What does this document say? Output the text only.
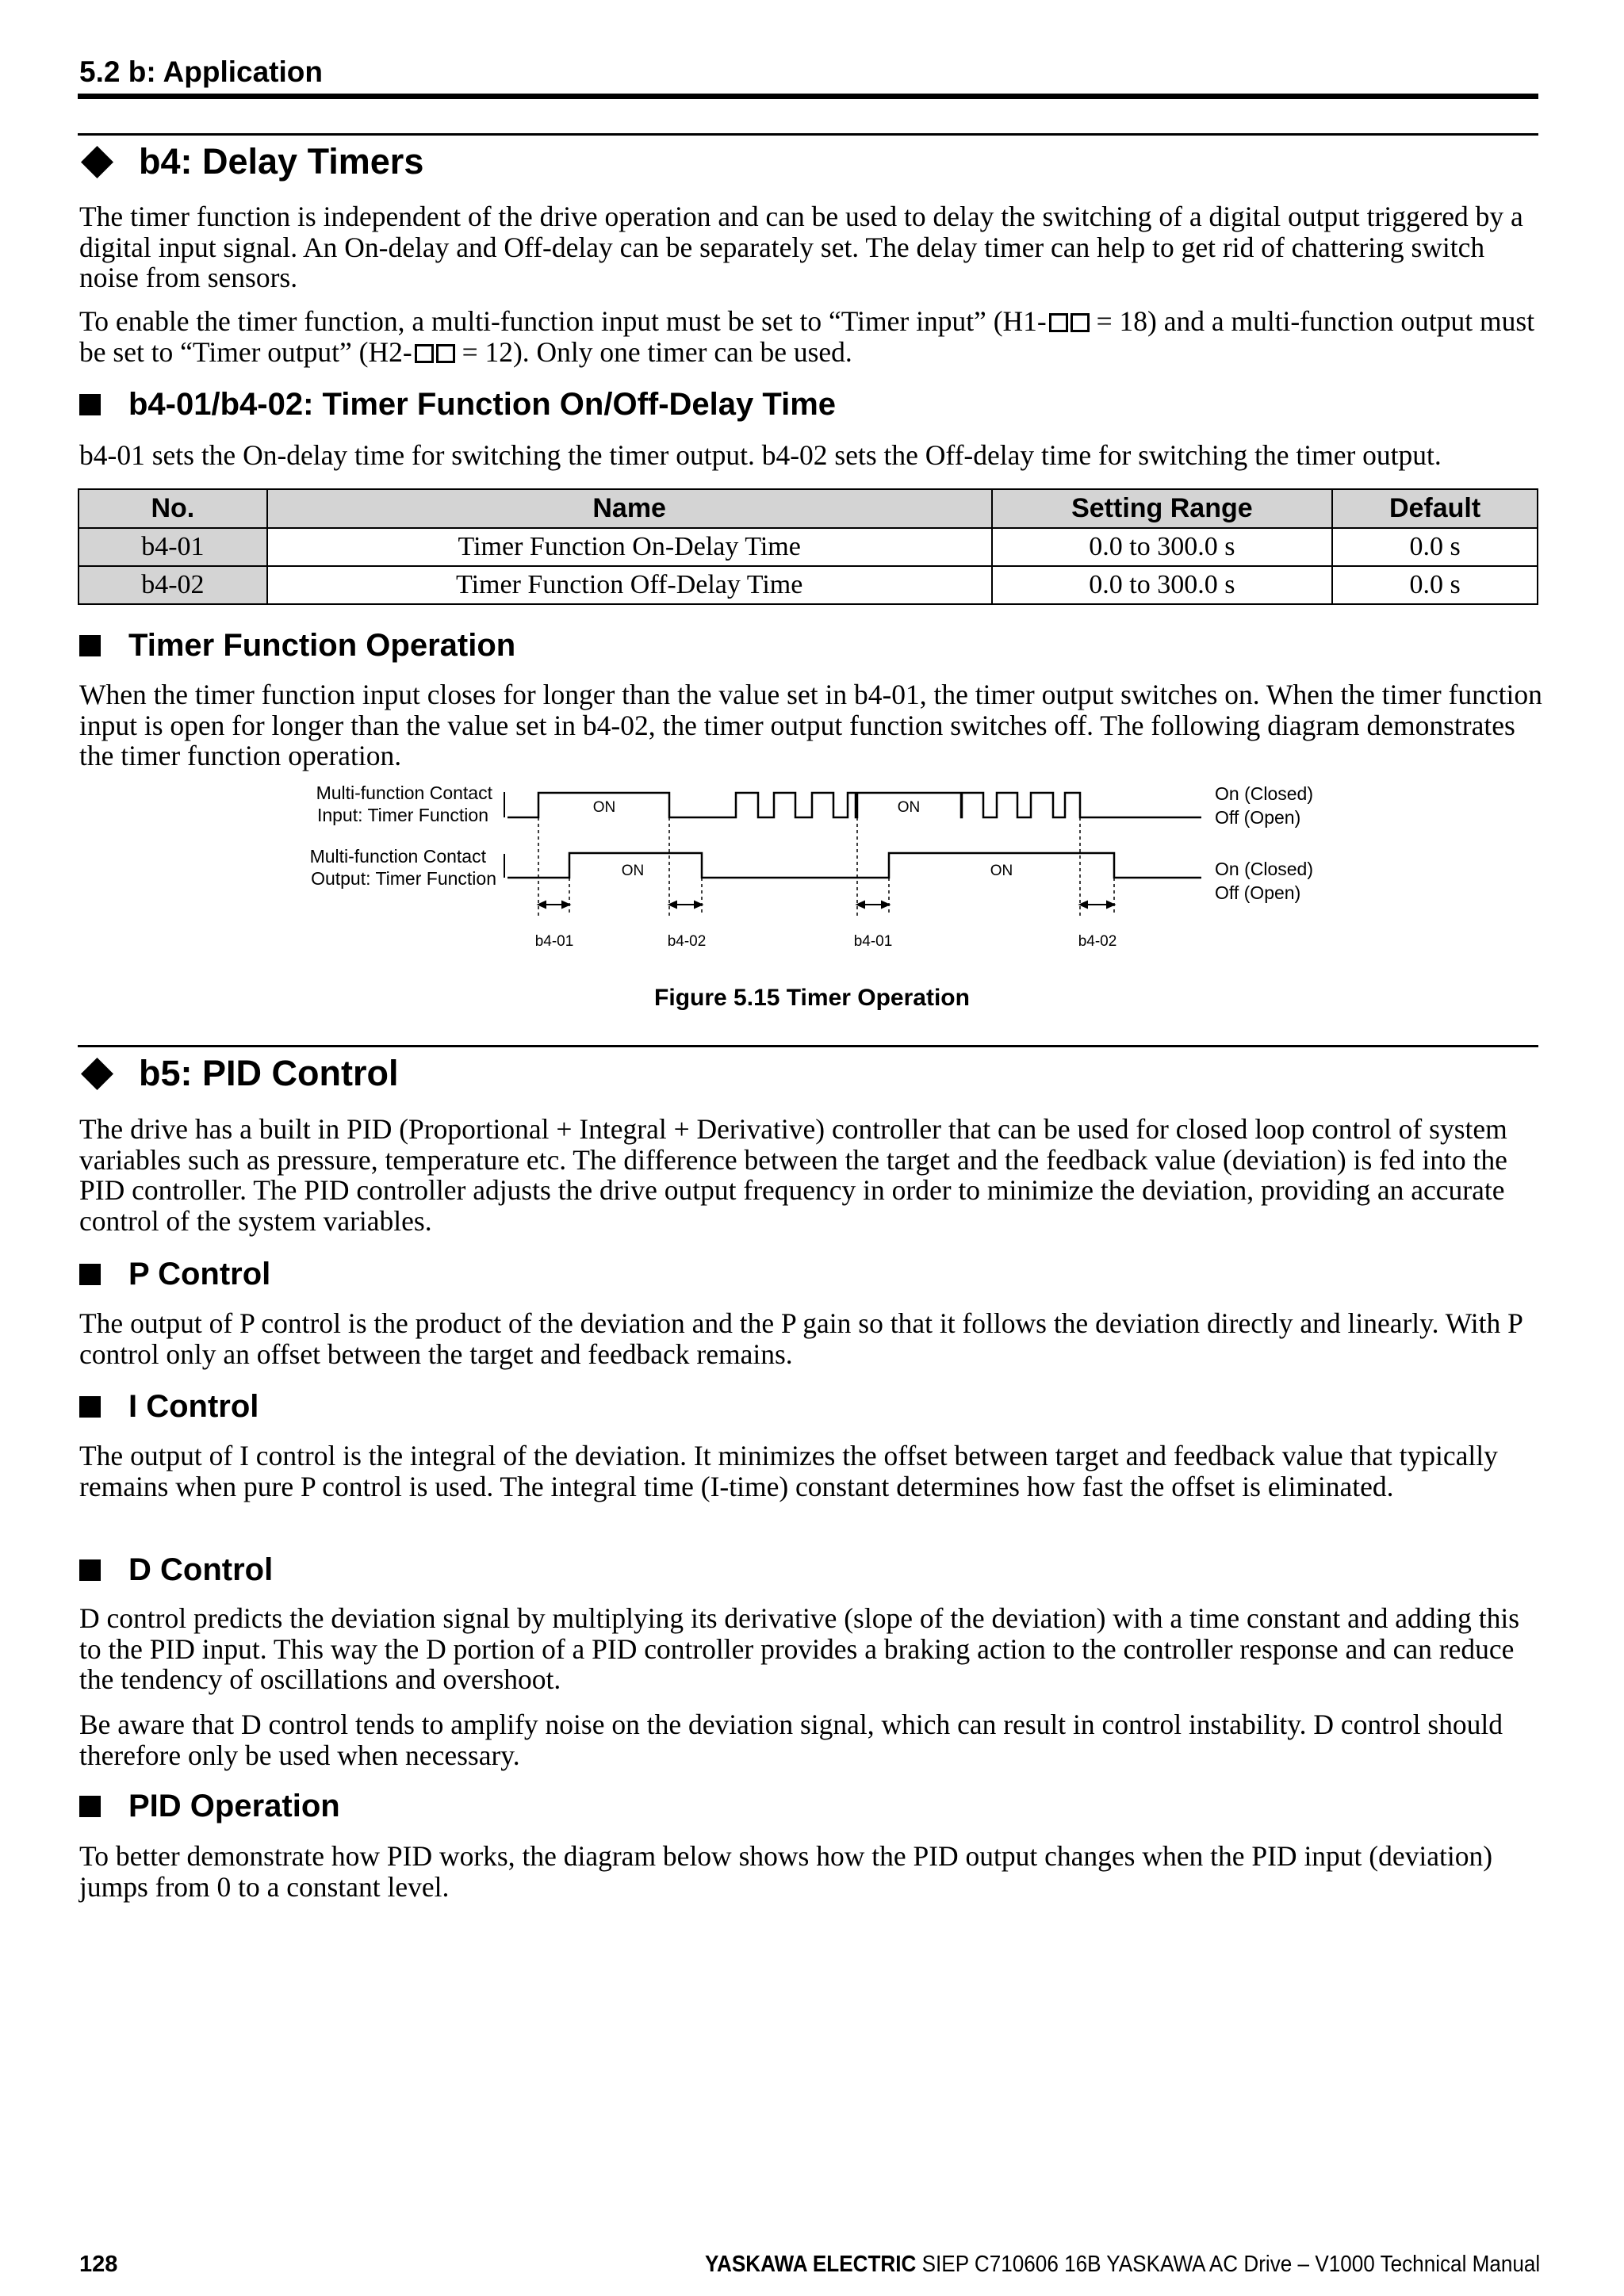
5.2 b: Application
b4: Delay Timers
The timer function is independent of the drive operation and can be used to delay the switching of a digital output triggered by a digital input signal. An On-delay and Off-delay can be separately set. The delay timer can help to get rid of chattering switch noise from sensors.
To enable the timer function, a multi-function input must be set to “Timer input” (H1- = 18) and a multi-function output must be set to “Timer output” (H2- = 12). Only one timer can be used.
b4-01/b4-02: Timer Function On/Off-Delay Time
b4-01 sets the On-delay time for switching the timer output. b4-02 sets the Off-delay time for switching the timer output.
No.	Name	Setting Range	Default
b4-01	Timer Function On-Delay Time	0.0 to 300.0 s	0.0 s
b4-02	Timer Function Off-Delay Time	0.0 to 300.0 s	0.0 s
Timer Function Operation
When the timer function input closes for longer than the value set in b4-01, the timer output switches on. When the timer function input is open for longer than the value set in b4-02, the timer output function switches off. The following diagram demonstrates the timer function operation.
Multi-function Contact
Input: Timer Function
Multi-function Contact
Output: Timer Function
ON	ON
ON	ON
On (Closed)
Off (Open)
On (Closed)
Off (Open)
b4-01	b4-02	b4-01	b4-02
Figure 5.15 Timer Operation
b5: PID Control
The drive has a built in PID (Proportional + Integral + Derivative) controller that can be used for closed loop control of system variables such as pressure, temperature etc. The difference between the target and the feedback value (deviation) is fed into the PID controller. The PID controller adjusts the drive output frequency in order to minimize the deviation, providing an accurate control of the system variables.
P Control
The output of P control is the product of the deviation and the P gain so that it follows the deviation directly and linearly. With P control only an offset between the target and feedback remains.
I Control
The output of I control is the integral of the deviation. It minimizes the offset between target and feedback value that typically remains when pure P control is used. The integral time (I-time) constant determines how fast the offset is eliminated.
D Control
D control predicts the deviation signal by multiplying its derivative (slope of the deviation) with a time constant and adding this to the PID input. This way the D portion of a PID controller provides a braking action to the controller response and can reduce the tendency of oscillations and overshoot.
Be aware that D control tends to amplify noise on the deviation signal, which can result in control instability. D control should therefore only be used when necessary.
PID Operation
To better demonstrate how PID works, the diagram below shows how the PID output changes when the PID input (deviation) jumps from 0 to a constant level.
128	YASKAWA ELECTRIC SIEP C710606 16B YASKAWA AC Drive – V1000 Technical Manual
